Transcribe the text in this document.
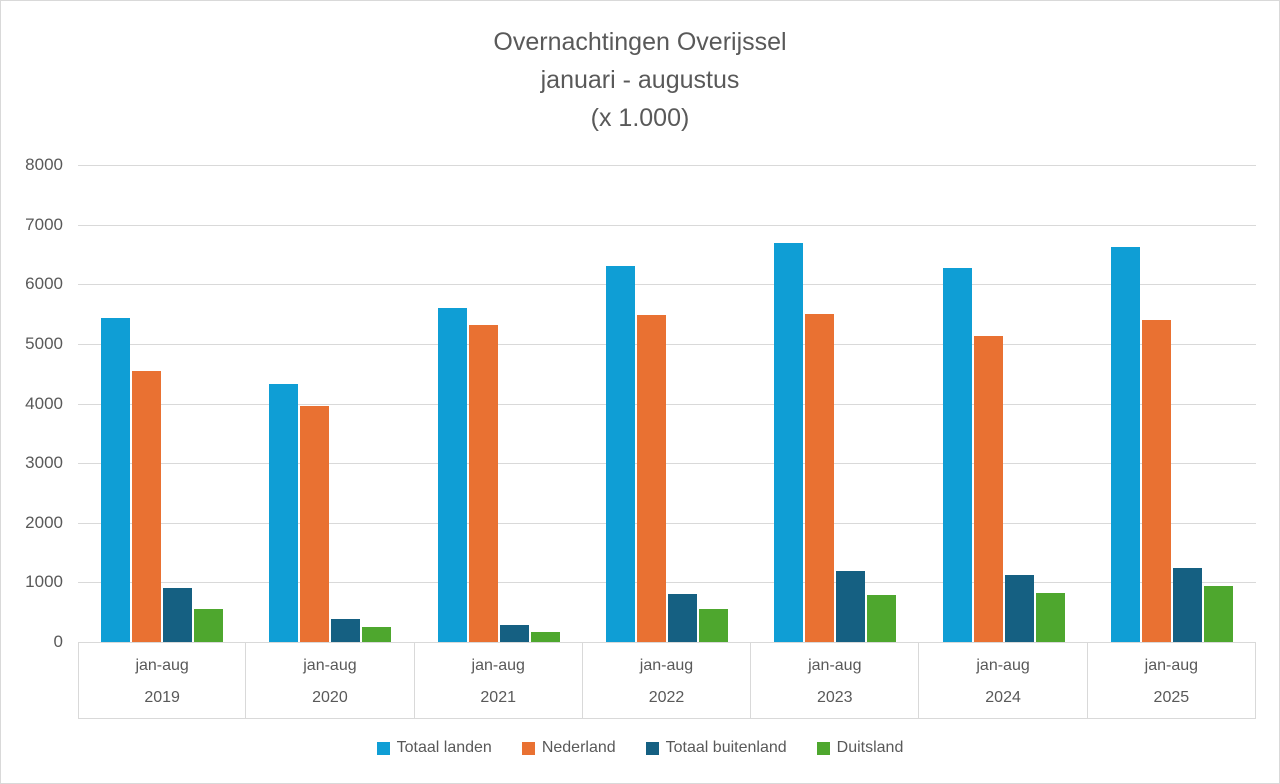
Overnachtingen Overijssel
januari - augustus
(x 1.000)
0
1000
2000
3000
4000
5000
6000
7000
8000
jan-aug
2019
jan-aug
2020
jan-aug
2021
jan-aug
2022
jan-aug
2023
jan-aug
2024
jan-aug
2025
Totaal landen	Nederland	Totaal buitenland	Duitsland
